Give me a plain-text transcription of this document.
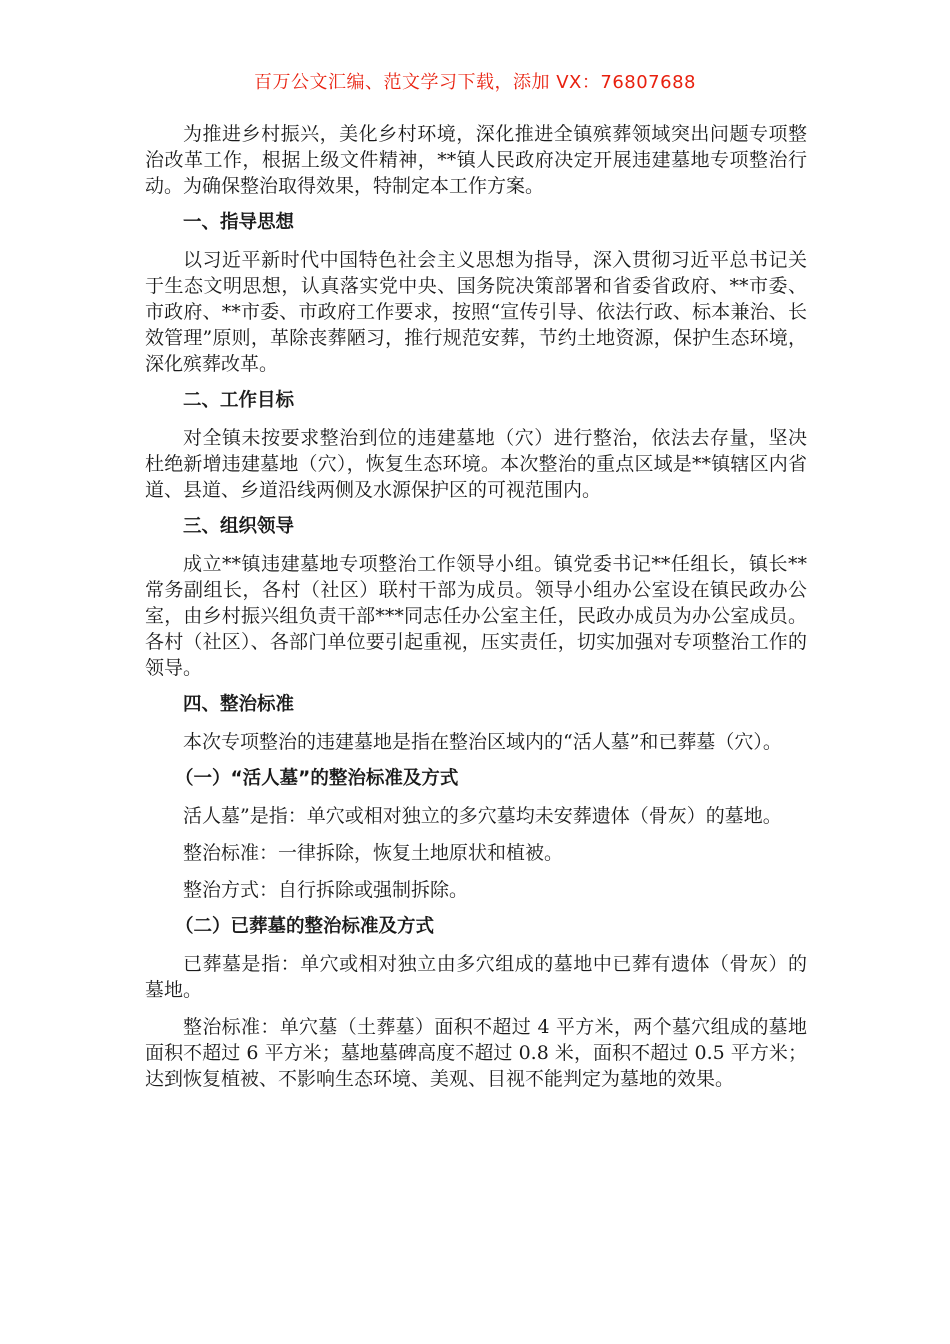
百万公文汇编、范文学习下载，添加 VX：76807688

为推进乡村振兴，美化乡村环境，深化推进全镇殡葬领域突出问题专项整治改革工作，根据上级文件精神，**镇人民政府决定开展违建墓地专项整治行动。为确保整治取得效果，特制定本工作方案。

一、指导思想

以习近平新时代中国特色社会主义思想为指导，深入贯彻习近平总书记关于生态文明思想，认真落实党中央、国务院决策部署和省委省政府、**市委、市政府、**市委、市政府工作要求，按照“宣传引导、依法行政、标本兼治、长效管理”原则，革除丧葬陋习，推行规范安葬，节约土地资源，保护生态环境，深化殡葬改革。

二、工作目标

对全镇未按要求整治到位的违建墓地（穴）进行整治，依法去存量，坚决杜绝新增违建墓地（穴），恢复生态环境。本次整治的重点区域是**镇辖区内省道、县道、乡道沿线两侧及水源保护区的可视范围内。

三、组织领导

成立**镇违建墓地专项整治工作领导小组。镇党委书记**任组长，镇长**常务副组长，各村（社区）联村干部为成员。领导小组办公室设在镇民政办公室，由乡村振兴组负责干部***同志任办公室主任，民政办成员为办公室成员。各村（社区）、各部门单位要引起重视，压实责任，切实加强对专项整治工作的领导。

四、整治标准

本次专项整治的违建墓地是指在整治区域内的“活人墓”和已葬墓（穴）。

（一）“活人墓”的整治标准及方式

活人墓”是指：单穴或相对独立的多穴墓均未安葬遗体（骨灰）的墓地。

整治标准：一律拆除，恢复土地原状和植被。

整治方式：自行拆除或强制拆除。

（二）已葬墓的整治标准及方式

已葬墓是指：单穴或相对独立由多穴组成的墓地中已葬有遗体（骨灰）的墓地。

整治标准：单穴墓（土葬墓）面积不超过 4 平方米，两个墓穴组成的墓地面积不超过 6 平方米；墓地墓碑高度不超过 0.8 米，面积不超过 0.5 平方米；达到恢复植被、不影响生态环境、美观、目视不能判定为墓地的效果。
